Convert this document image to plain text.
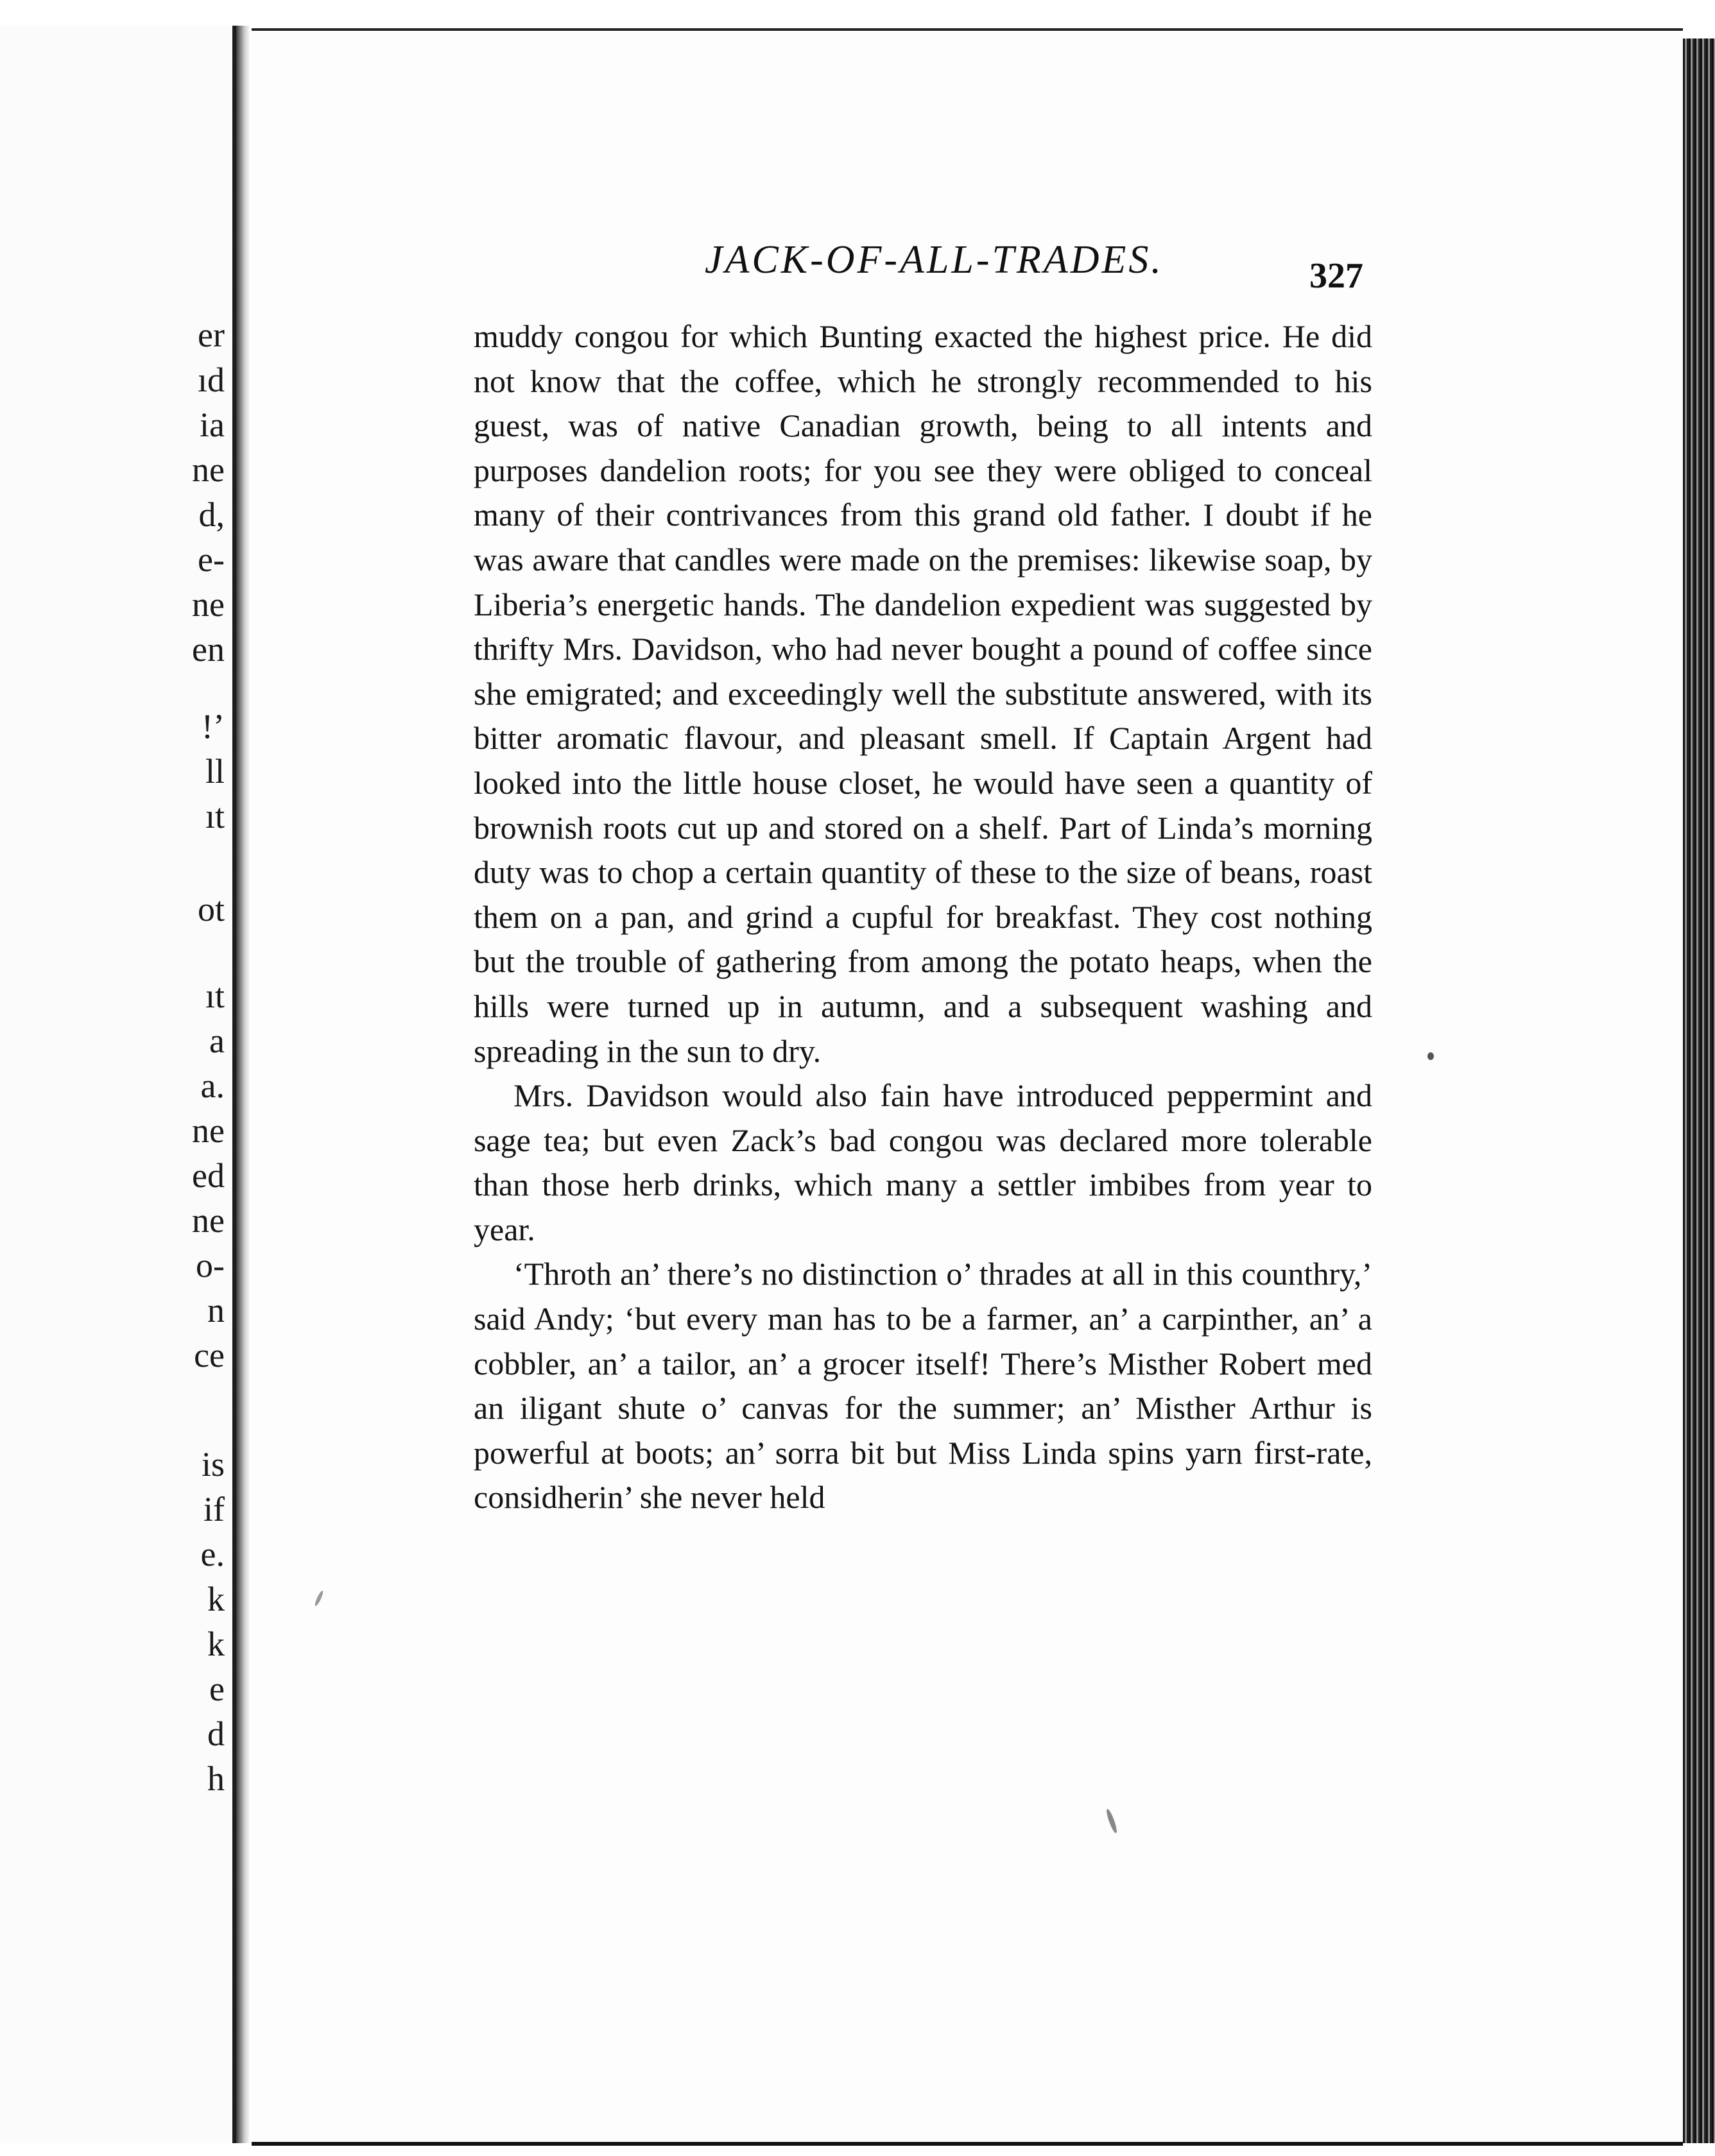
er
ıd
ia
ne
d,
e-
ne
en
!’
ll
ıt
ot
ıt
a
a.
ne
ed
ne
o-
n
ce
is
if
e.
k
k
e
d
h
JACK-OF-ALL-TRADES.	327

muddy congou for which Bunting exacted the highest price. He did not know that the coffee, which he strongly recommended to his guest, was of native Canadian growth, being to all intents and purposes dandelion roots; for you see they were obliged to conceal many of their contrivances from this grand old father. I doubt if he was aware that candles were made on the premises: likewise soap, by Liberia’s energetic hands. The dandelion expedient was suggested by thrifty Mrs. Davidson, who had never bought a pound of coffee since she emigrated; and exceedingly well the substitute answered, with its bitter aromatic flavour, and pleasant smell. If Captain Argent had looked into the little house closet, he would have seen a quantity of brownish roots cut up and stored on a shelf. Part of Linda’s morning duty was to chop a certain quantity of these to the size of beans, roast them on a pan, and grind a cupful for breakfast. They cost nothing but the trouble of gathering from among the potato heaps, when the hills were turned up in autumn, and a subsequent washing and spreading in the sun to dry.

Mrs. Davidson would also fain have introduced peppermint and sage tea; but even Zack’s bad congou was declared more tolerable than those herb drinks, which many a settler imbibes from year to year.

‘Throth an’ there’s no distinction o’ thrades at all in this counthry,’ said Andy; ‘but every man has to be a farmer, an’ a carpinther, an’ a cobbler, an’ a tailor, an’ a grocer itself! There’s Misther Robert med an iligant shute o’ canvas for the summer; an’ Misther Arthur is powerful at boots; an’ sorra bit but Miss Linda spins yarn first-rate, considherin’ she never held
